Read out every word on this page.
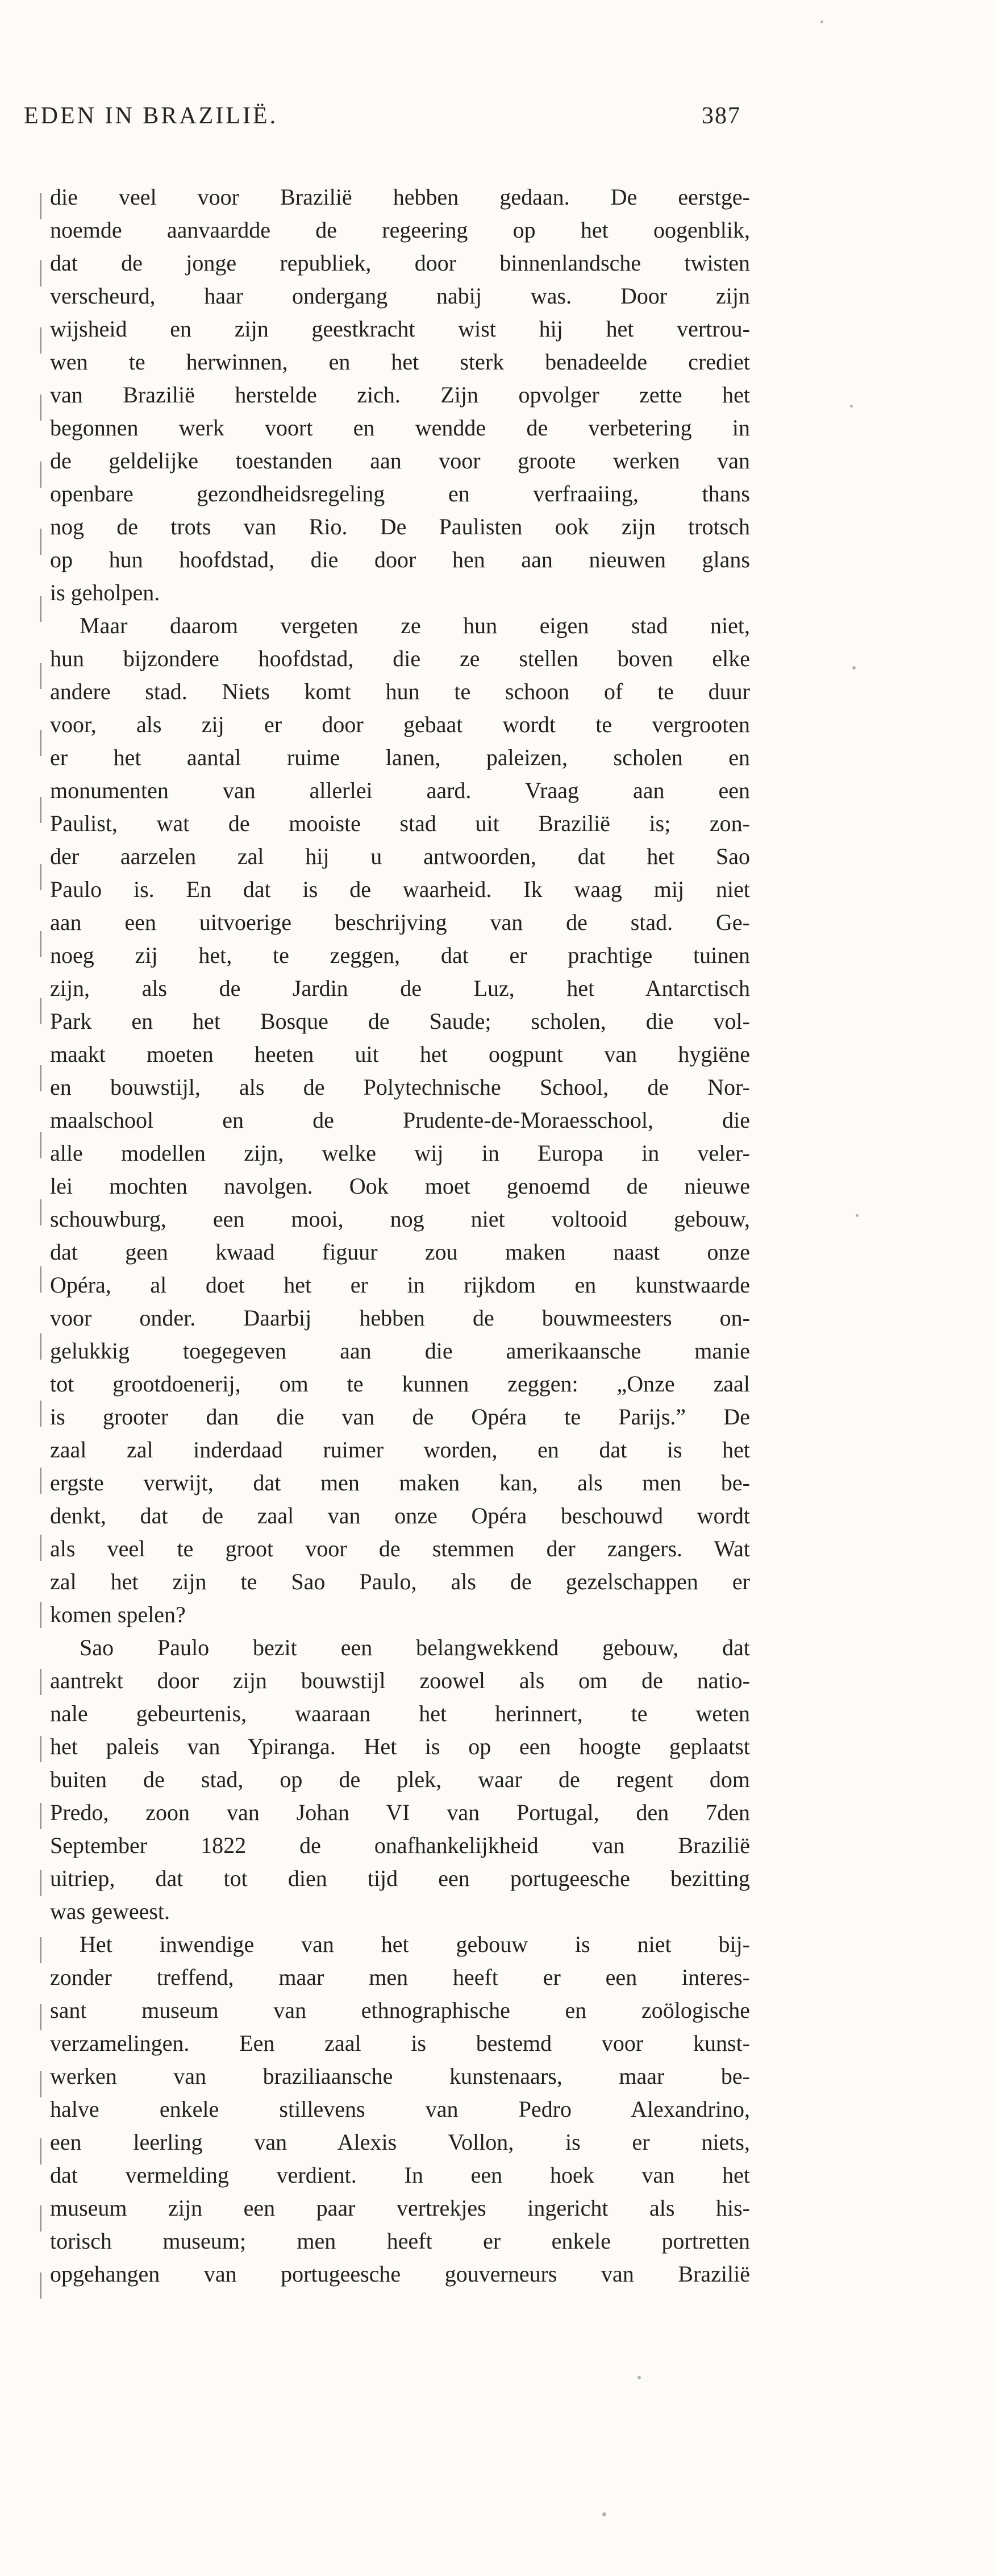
EDEN IN BRAZILIË.	387
die veel voor Brazilië hebben gedaan. De eerstge-
noemde aanvaardde de regeering op het oogenblik,
dat de jonge republiek, door binnenlandsche twisten
verscheurd, haar ondergang nabij was. Door zijn
wijsheid en zijn geestkracht wist hij het vertrou-
wen te herwinnen, en het sterk benadeelde crediet
van Brazilië herstelde zich. Zijn opvolger zette het
begonnen werk voort en wendde de verbetering in
de geldelijke toestanden aan voor groote werken van
openbare gezondheidsregeling en verfraaiing, thans
nog de trots van Rio. De Paulisten ook zijn trotsch
op hun hoofdstad, die door hen aan nieuwen glans
is geholpen.
Maar daarom vergeten ze hun eigen stad niet,
hun bijzondere hoofdstad, die ze stellen boven elke
andere stad. Niets komt hun te schoon of te duur
voor, als zij er door gebaat wordt te vergrooten
er het aantal ruime lanen, paleizen, scholen en
monumenten van allerlei aard. Vraag aan een
Paulist, wat de mooiste stad uit Brazilië is; zon-
der aarzelen zal hij u antwoorden, dat het Sao
Paulo is. En dat is de waarheid. Ik waag mij niet
aan een uitvoerige beschrijving van de stad. Ge-
noeg zij het, te zeggen, dat er prachtige tuinen
zijn, als de Jardin de Luz, het Antarctisch
Park en het Bosque de Saude; scholen, die vol-
maakt moeten heeten uit het oogpunt van hygiëne
en bouwstijl, als de Polytechnische School, de Nor-
maalschool en de Prudente-de-Moraesschool, die
alle modellen zijn, welke wij in Europa in veler-
lei mochten navolgen. Ook moet genoemd de nieuwe
schouwburg, een mooi, nog niet voltooid gebouw,
dat geen kwaad figuur zou maken naast onze
Opéra, al doet het er in rijkdom en kunstwaarde
voor onder. Daarbij hebben de bouwmeesters on-
gelukkig toegegeven aan die amerikaansche manie
tot grootdoenerij, om te kunnen zeggen: „Onze zaal
is grooter dan die van de Opéra te Parijs.” De
zaal zal inderdaad ruimer worden, en dat is het
ergste verwijt, dat men maken kan, als men be-
denkt, dat de zaal van onze Opéra beschouwd wordt
als veel te groot voor de stemmen der zangers. Wat
zal het zijn te Sao Paulo, als de gezelschappen er
komen spelen?
Sao Paulo bezit een belangwekkend gebouw, dat
aantrekt door zijn bouwstijl zoowel als om de natio-
nale gebeurtenis, waaraan het herinnert, te weten
het paleis van Ypiranga. Het is op een hoogte geplaatst
buiten de stad, op de plek, waar de regent dom
Predo, zoon van Johan VI van Portugal, den 7den
September 1822 de onafhankelijkheid van Brazilië
uitriep, dat tot dien tijd een portugeesche bezitting
was geweest.
Het inwendige van het gebouw is niet bij-
zonder treffend, maar men heeft er een interes-
sant museum van ethnographische en zoölogische
verzamelingen. Een zaal is bestemd voor kunst-
werken van braziliaansche kunstenaars, maar be-
halve enkele stillevens van Pedro Alexandrino,
een leerling van Alexis Vollon, is er niets,
dat vermelding verdient. In een hoek van het
museum zijn een paar vertrekjes ingericht als his-
torisch museum; men heeft er enkele portretten
opgehangen van portugeesche gouverneurs van Brazilië
